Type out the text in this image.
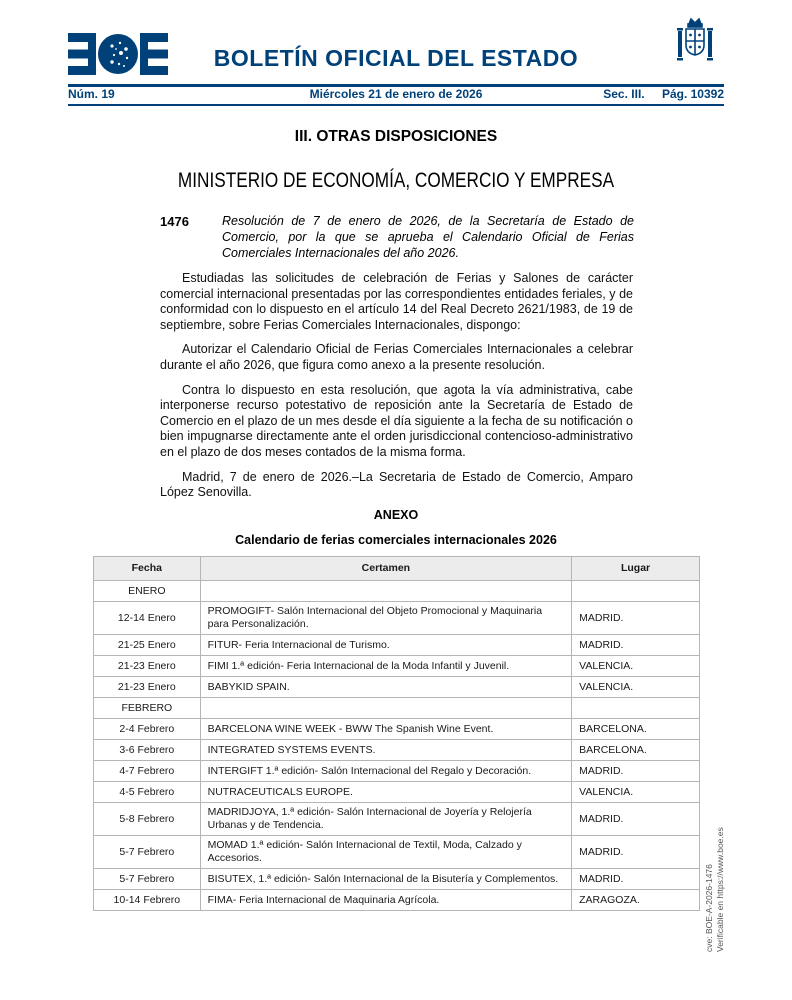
BOLETÍN OFICIAL DEL ESTADO
Núm. 19	Miércoles 21 de enero de 2026	Sec. III. Pág. 10392
III. OTRAS DISPOSICIONES
MINISTERIO DE ECONOMÍA, COMERCIO Y EMPRESA
1476	Resolución de 7 de enero de 2026, de la Secretaría de Estado de Comercio, por la que se aprueba el Calendario Oficial de Ferias Comerciales Internacionales del año 2026.

Estudiadas las solicitudes de celebración de Ferias y Salones de carácter comercial internacional presentadas por las correspondientes entidades feriales, y de conformidad con lo dispuesto en el artículo 14 del Real Decreto 2621/1983, de 19 de septiembre, sobre Ferias Comerciales Internacionales, dispongo:

Autorizar el Calendario Oficial de Ferias Comerciales Internacionales a celebrar durante el año 2026, que figura como anexo a la presente resolución.

Contra lo dispuesto en esta resolución, que agota la vía administrativa, cabe interponerse recurso potestativo de reposición ante la Secretaría de Estado de Comercio en el plazo de un mes desde el día siguiente a la fecha de su notificación o bien impugnarse directamente ante el orden jurisdiccional contencioso-administrativo en el plazo de dos meses contados de la misma forma.

Madrid, 7 de enero de 2026.–La Secretaria de Estado de Comercio, Amparo López Senovilla.

ANEXO
Calendario de ferias comerciales internacionales 2026
Fecha	Certamen	Lugar
ENERO		
12-14 Enero	PROMOGIFT- Salón Internacional del Objeto Promocional y Maquinaria para Personalización.	MADRID.
21-25 Enero	FITUR- Feria Internacional de Turismo.	MADRID.
21-23 Enero	FIMI 1.ª edición- Feria Internacional de la Moda Infantil y Juvenil.	VALENCIA.
21-23 Enero	BABYKID SPAIN.	VALENCIA.
FEBRERO		
2-4 Febrero	BARCELONA WINE WEEK - BWW The Spanish Wine Event.	BARCELONA.
3-6 Febrero	INTEGRATED SYSTEMS EVENTS.	BARCELONA.
4-7 Febrero	INTERGIFT 1.ª edición- Salón Internacional del Regalo y Decoración.	MADRID.
4-5 Febrero	NUTRACEUTICALS EUROPE.	VALENCIA.
5-8 Febrero	MADRIDJOYA, 1.ª edición- Salón Internacional de Joyería y Relojería Urbanas y de Tendencia.	MADRID.
5-7 Febrero	MOMAD 1.ª edición- Salón Internacional de Textil, Moda, Calzado y Accesorios.	MADRID.
5-7 Febrero	BISUTEX, 1.ª edición- Salón Internacional de la Bisutería y Complementos.	MADRID.
10-14 Febrero	FIMA- Feria Internacional de Maquinaria Agrícola.	ZARAGOZA.	cve: BOE-A-2026-1476 Verificable en https://www.boe.es
